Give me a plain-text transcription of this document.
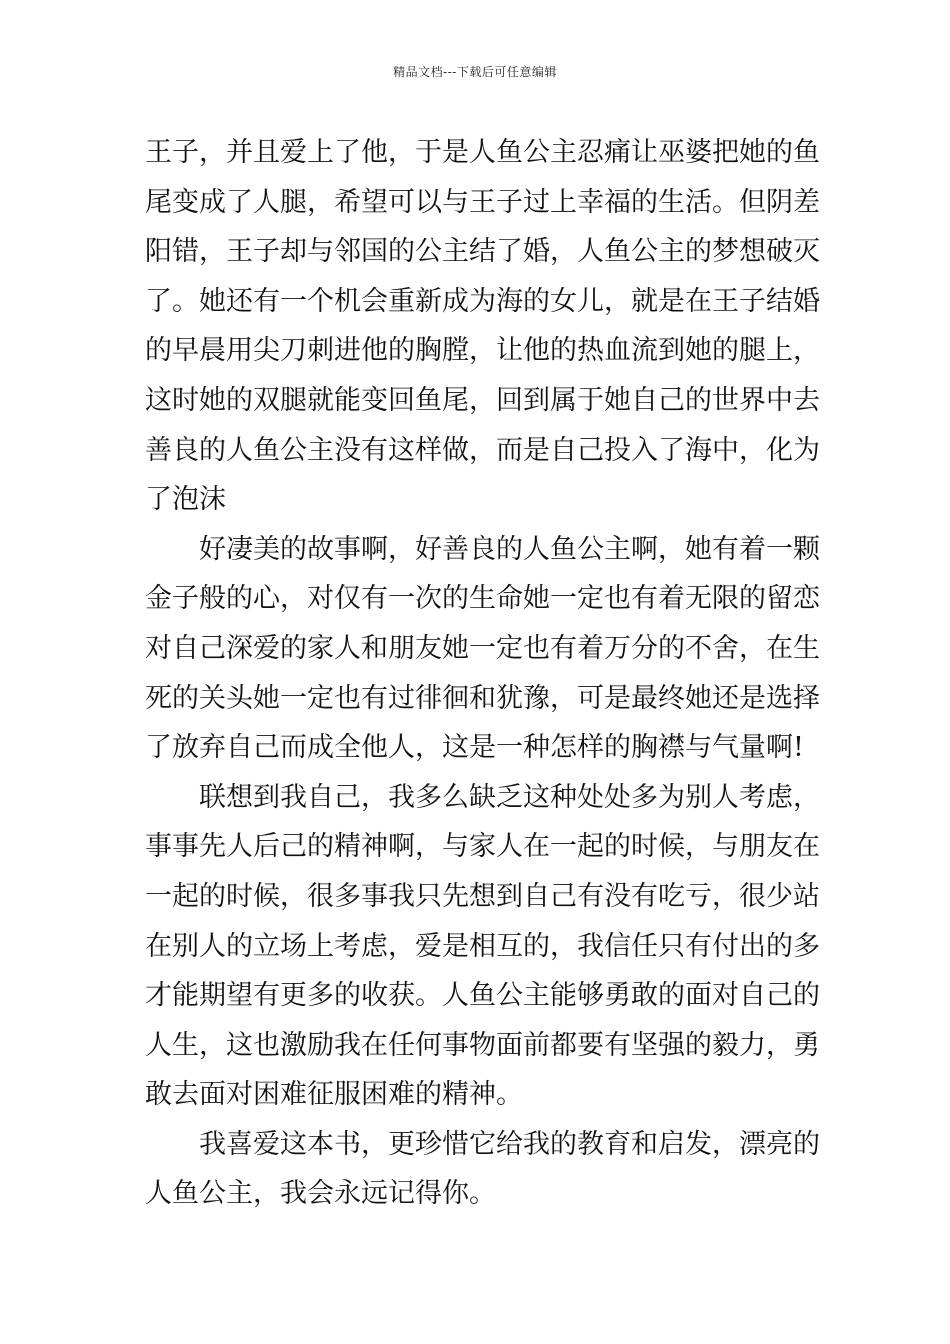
精品文档---下载后可任意编辑
王子，并且爱上了他，于是人鱼公主忍痛让巫婆把她的鱼
尾变成了人腿，希望可以与王子过上幸福的生活。但阴差
阳错，王子却与邻国的公主结了婚，人鱼公主的梦想破灭
了。她还有一个机会重新成为海的女儿，就是在王子结婚
的早晨用尖刀刺进他的胸膛，让他的热血流到她的腿上，
这时她的双腿就能变回鱼尾，回到属于她自己的世界中去
善良的人鱼公主没有这样做，而是自己投入了海中，化为
了泡沫
好凄美的故事啊，好善良的人鱼公主啊，她有着一颗
金子般的心，对仅有一次的生命她一定也有着无限的留恋
对自己深爱的家人和朋友她一定也有着万分的不舍，在生
死的关头她一定也有过徘徊和犹豫，可是最终她还是选择
了放弃自己而成全他人，这是一种怎样的胸襟与气量啊!
联想到我自己，我多么缺乏这种处处多为别人考虑，
事事先人后己的精神啊，与家人在一起的时候，与朋友在
一起的时候，很多事我只先想到自己有没有吃亏，很少站
在别人的立场上考虑，爱是相互的，我信任只有付出的多
才能期望有更多的收获。人鱼公主能够勇敢的面对自己的
人生，这也激励我在任何事物面前都要有坚强的毅力，勇
敢去面对困难征服困难的精神。
我喜爱这本书，更珍惜它给我的教育和启发，漂亮的
人鱼公主，我会永远记得你。
